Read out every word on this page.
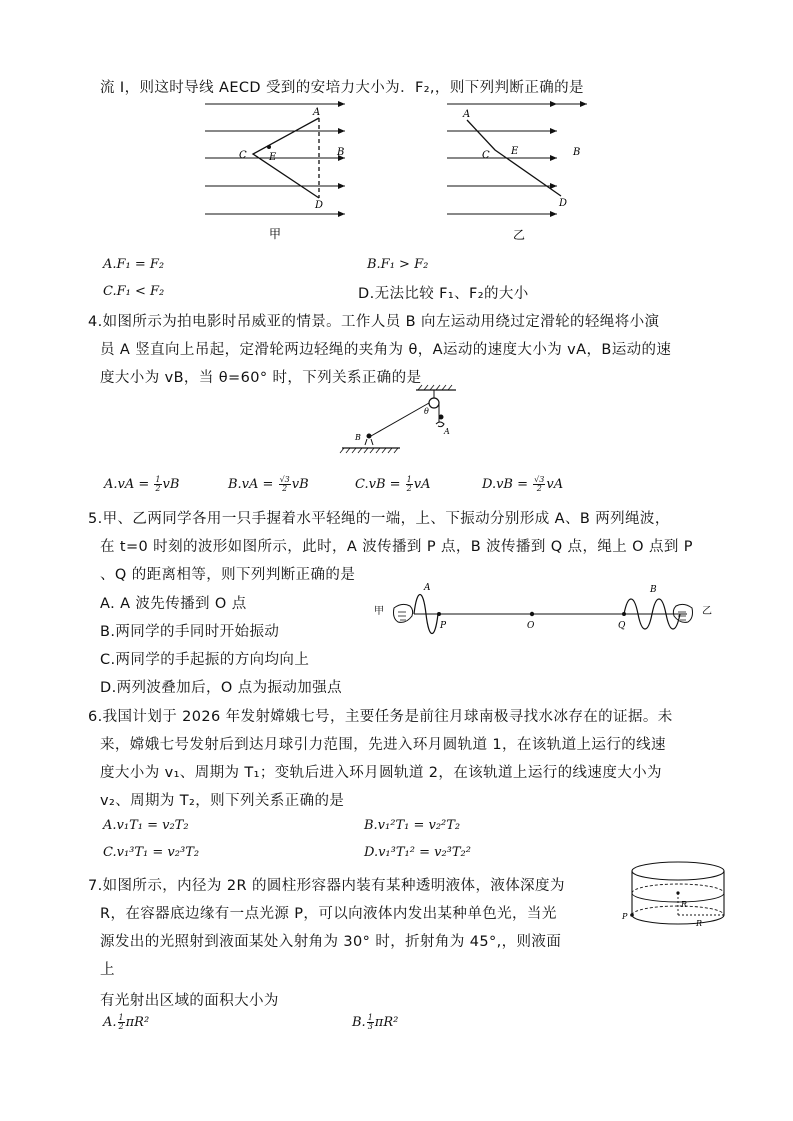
流 I，则这时导线 AECD 受到的安培力大小为．F₂,，则下列判断正确的是
A
B
C E
D
甲
A
B
C E
D
乙
A.F₁ = F₂	B.F₁ > F₂
C.F₁ < F₂	D.无法比较 F₁、F₂的大小
4.如图所示为拍电影时吊威亚的情景。工作人员 B 向左运动用绕过定滑轮的轻绳将小演
员 A 竖直向上吊起，定滑轮两边轻绳的夹角为 θ，A运动的速度大小为 vA，B运动的速
度大小为 vB，当 θ=60° 时，下列关系正确的是
θ
A
B
$A.vA = \frac{1}{2}$ vB	$B.vA = \frac{√3}{2}$ vB	$C.vB = \frac{1}{2}$ vA	$D.vB = \frac{√3}{2}$ vA
5.甲、乙两同学各用一只手握着水平轻绳的一端，上、下振动分别形成 A、B 两列绳波，
在 t=0 时刻的波形如图所示，此时，A 波传播到 P 点，B 波传播到 Q 点，绳上 O 点到 P
、Q 的距离相等，则下列判断正确的是
A. A 波先传播到 O 点
B.两同学的手同时开始振动
C.两同学的手起振的方向均向上
D.两列波叠加后，O 点为振动加强点
甲	乙
A	B
P	O	Q
6.我国计划于 2026 年发射嫦娥七号，主要任务是前往月球南极寻找水冰存在的证据。未
来，嫦娥七号发射后到达月球引力范围，先进入环月圆轨道 1，在该轨道上运行的线速
度大小为 v₁、周期为 T₁；变轨后进入环月圆轨道 2，在该轨道上运行的线速度大小为
v₂、周期为 T₂，则下列关系正确的是
A.v₁T₁ = v₂T₂	B.v₁²T₁ = v₂²T₂
C.v₁³T₁ = v₂³T₂	D.v₁³T₁² = v₂³T₂²
7.如图所示，内径为 2R 的圆柱形容器内装有某种透明液体，液体深度为
R，在容器底边缘有一点光源 P，可以向液体内发出某种单色光，当光
源发出的光照射到液面某处入射角为 30° 时，折射角为 45°,，则液面
上
有光射出区域的面积大小为
P
R
R
A. $\frac{1}{2} \pi R^2$	B. $\frac{1}{3} \pi R^2$
